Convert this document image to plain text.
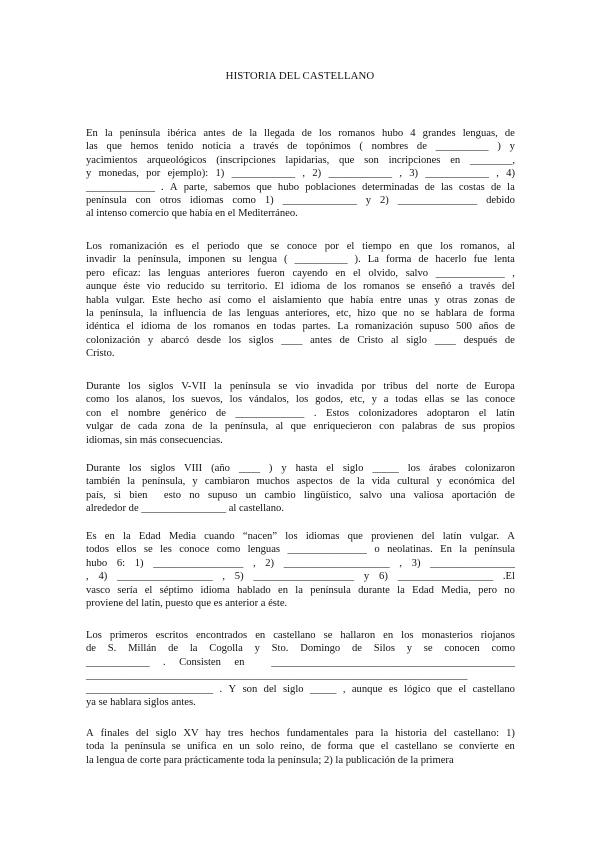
HISTORIA DEL CASTELLANO
En la península ibérica antes de la llegada de los romanos hubo 4 grandes lenguas, de
las que hemos tenido noticia a través de topónimos ( nombres de __________ ) y
yacimientos arqueológicos (inscripciones lapidarias, que son incripciones en ________,
y monedas, por ejemplo): 1) ____________ , 2) ____________ , 3) ____________ , 4)
_____________ . A parte, sabemos que hubo poblaciones determinadas de las costas de la
península con otros idiomas como 1) ______________ y 2) _______________ debido
al intenso comercio que había en el Mediterráneo.
Los romanización es el periodo que se conoce por el tiempo en que los romanos, al
invadir la península, imponen su lengua ( __________ ). La forma de hacerlo fue lenta
pero eficaz: las lenguas anteriores fueron cayendo en el olvido, salvo _____________ ,
aunque éste vio reducido su territorio. El idioma de los romanos se enseñó a través del
habla vulgar. Este hecho así como el aislamiento que había entre unas y otras zonas de
la península, la influencia de las lenguas anteriores, etc, hizo que no se hablara de forma
idéntica el idioma de los romanos en todas partes. La romanización supuso 500 años de
colonización y abarcó desde los siglos ____ antes de Cristo al siglo ____ después de
Cristo.
Durante los siglos V-VII la península se vio invadida por tribus del norte de Europa
como los alanos, los suevos, los vándalos, los godos, etc, y a todas ellas se las conoce
con el nombre genérico de _____________ . Estos colonizadores adoptaron el latín
vulgar de cada zona de la península, al que enriquecieron con palabras de sus propios
idiomas, sin más consecuencias.
Durante los siglos VIII (año ____ ) y hasta el siglo _____ los árabes colonizaron
también la península, y cambiaron muchos aspectos de la vida cultural y económica del
país, si bien esto no supuso un cambio lingüístico, salvo una valiosa aportación de
alrededor de ________________ al castellano.
Es en la Edad Media cuando “nacen” los idiomas que provienen del latín vulgar. A
todos ellos se les conoce como lenguas _______________ o neolatinas. En la península
hubo 6: 1) _________________ , 2) ____________________ , 3) ________________
, 4) __________________ , 5) ___________________ y 6) __________________ .El
vasco sería el séptimo idioma hablado en la península durante la Edad Media, pero no
proviene del latín, puesto que es anterior a éste.
Los primeros escritos encontrados en castellano se hallaron en los monasterios riojanos
de S. Millán de la Cogolla y Sto. Domingo de Silos y se conocen como
____________ . Consisten en	______________________________________________
________________________________________________________________________
________________________ . Y son del siglo _____ , aunque es lógico que el castellano
ya se hablara siglos antes.
A finales del siglo XV hay tres hechos fundamentales para la historia del castellano: 1)
toda la península se unifica en un solo reino, de forma que el castellano se convierte en
la lengua de corte para prácticamente toda la península; 2) la publicación de la primera
